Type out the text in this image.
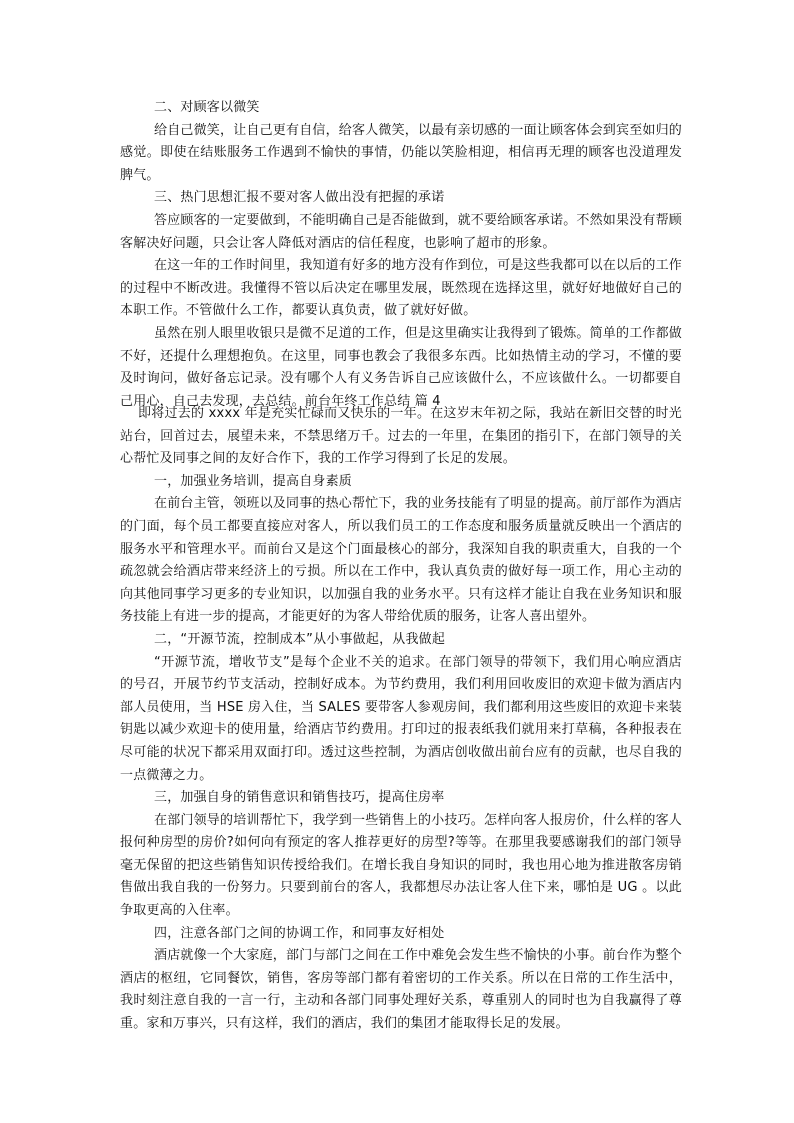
二、对顾客以微笑

给自己微笑，让自己更有自信，给客人微笑，以最有亲切感的一面让顾客体会到宾至如归的感觉。即使在结账服务工作遇到不愉快的事情，仍能以笑脸相迎，相信再无理的顾客也没道理发脾气。

三、热门思想汇报不要对客人做出没有把握的承诺

答应顾客的一定要做到，不能明确自己是否能做到，就不要给顾客承诺。不然如果没有帮顾客解决好问题，只会让客人降低对酒店的信任程度，也影响了超市的形象。

在这一年的工作时间里，我知道有好多的地方没有作到位，可是这些我都可以在以后的工作的过程中不断改进。我懂得不管以后决定在哪里发展，既然现在选择这里，就好好地做好自己的本职工作。不管做什么工作，都要认真负责，做了就好好做。

虽然在别人眼里收银只是微不足道的工作，但是这里确实让我得到了锻炼。简单的工作都做不好，还提什么理想抱负。在这里，同事也教会了我很多东西。比如热情主动的学习，不懂的要及时询问，做好备忘记录。没有哪个人有义务告诉自己应该做什么，不应该做什么。一切都要自己用心，自己去发现，去总结。前台年终工作总结 篇 4

即将过去的 xxxx 年是充实忙碌而又快乐的一年。在这岁末年初之际，我站在新旧交替的时光站台，回首过去，展望未来，不禁思绪万千。过去的一年里，在集团的指引下，在部门领导的关心帮忙及同事之间的友好合作下，我的工作学习得到了长足的发展。

一，加强业务培训，提高自身素质

在前台主管，领班以及同事的热心帮忙下，我的业务技能有了明显的提高。前厅部作为酒店的门面，每个员工都要直接应对客人，所以我们员工的工作态度和服务质量就反映出一个酒店的服务水平和管理水平。而前台又是这个门面最核心的部分，我深知自我的职责重大，自我的一个疏忽就会给酒店带来经济上的亏损。所以在工作中，我认真负责的做好每一项工作，用心主动的向其他同事学习更多的专业知识，以加强自我的业务水平。只有这样才能让自我在业务知识和服务技能上有进一步的提高，才能更好的为客人带给优质的服务，让客人喜出望外。

二，“开源节流，控制成本”从小事做起，从我做起

“开源节流，增收节支”是每个企业不关的追求。在部门领导的带领下，我们用心响应酒店的号召，开展节约节支活动，控制好成本。为节约费用，我们利用回收废旧的欢迎卡做为酒店内部人员使用，当 HSE 房入住，当 SALES 要带客人参观房间，我们都利用这些废旧的欢迎卡来装钥匙以减少欢迎卡的使用量，给酒店节约费用。打印过的报表纸我们就用来打草稿，各种报表在尽可能的状况下都采用双面打印。透过这些控制，为酒店创收做出前台应有的贡献，也尽自我的一点微薄之力。

三，加强自身的销售意识和销售技巧，提高住房率

在部门领导的培训帮忙下，我学到一些销售上的小技巧。怎样向客人报房价，什么样的客人报何种房型的房价?如何向有预定的客人推荐更好的房型?等等。在那里我要感谢我们的部门领导毫无保留的把这些销售知识传授给我们。在增长我自身知识的同时，我也用心地为推进散客房销售做出我自我的一份努力。只要到前台的客人，我都想尽办法让客人住下来，哪怕是 UG 。以此争取更高的入住率。

四，注意各部门之间的协调工作，和同事友好相处

酒店就像一个大家庭，部门与部门之间在工作中难免会发生些不愉快的小事。前台作为整个酒店的枢纽，它同餐饮，销售，客房等部门都有着密切的工作关系。所以在日常的工作生活中，我时刻注意自我的一言一行，主动和各部门同事处理好关系，尊重别人的同时也为自我赢得了尊重。家和万事兴，只有这样，我们的酒店，我们的集团才能取得长足的发展。
